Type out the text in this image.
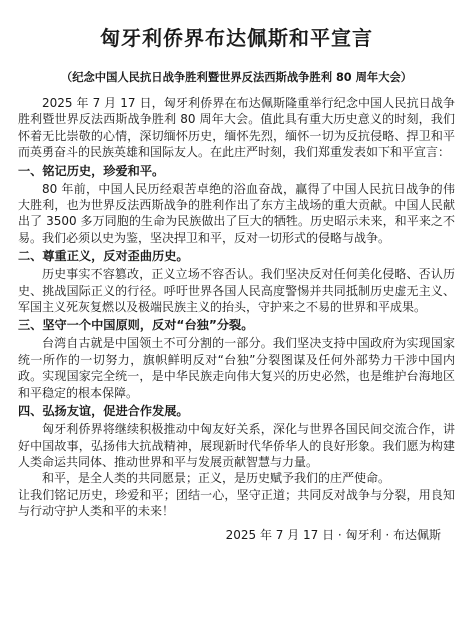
匈牙利侨界布达佩斯和平宣言
（纪念中国人民抗日战争胜利暨世界反法西斯战争胜利 80 周年大会）

2025 年 7 月 17 日，匈牙利侨界在布达佩斯隆重举行纪念中国人民抗日战争胜利暨世界反法西斯战争胜利 80 周年大会。值此具有重大历史意义的时刻，我们怀着无比崇敬的心情，深切缅怀历史，缅怀先烈，缅怀一切为反抗侵略、捍卫和平而英勇奋斗的民族英雄和国际友人。在此庄严时刻，我们郑重发表如下和平宣言：

一、铭记历史，珍爱和平。

80 年前，中国人民历经艰苦卓绝的浴血奋战，赢得了中国人民抗日战争的伟大胜利，也为世界反法西斯战争的胜利作出了东方主战场的重大贡献。中国人民献出了 3500 多万同胞的生命为民族做出了巨大的牺牲。历史昭示未来，和平来之不易。我们必须以史为鉴，坚决捍卫和平，反对一切形式的侵略与战争。

二、尊重正义，反对歪曲历史。

历史事实不容篡改，正义立场不容否认。我们坚决反对任何美化侵略、否认历史、挑战国际正义的行径。呼吁世界各国人民高度警惕并共同抵制历史虚无主义、军国主义死灰复燃以及极端民族主义的抬头，守护来之不易的世界和平成果。

三、坚守一个中国原则，反对“台独”分裂。

台湾自古就是中国领土不可分割的一部分。我们坚决支持中国政府为实现国家统一所作的一切努力，旗帜鲜明反对“台独”分裂图谋及任何外部势力干涉中国内政。实现国家完全统一，是中华民族走向伟大复兴的历史必然，也是维护台海地区和平稳定的根本保障。

四、弘扬友谊，促进合作发展。

匈牙利侨界将继续积极推动中匈友好关系，深化与世界各国民间交流合作，讲好中国故事，弘扬伟大抗战精神，展现新时代华侨华人的良好形象。我们愿为构建人类命运共同体、推动世界和平与发展贡献智慧与力量。

和平，是全人类的共同愿景；正义，是历史赋予我们的庄严使命。

让我们铭记历史，珍爱和平；团结一心，坚守正道；共同反对战争与分裂，用良知与行动守护人类和平的未来！

2025 年 7 月 17 日 · 匈牙利 · 布达佩斯
